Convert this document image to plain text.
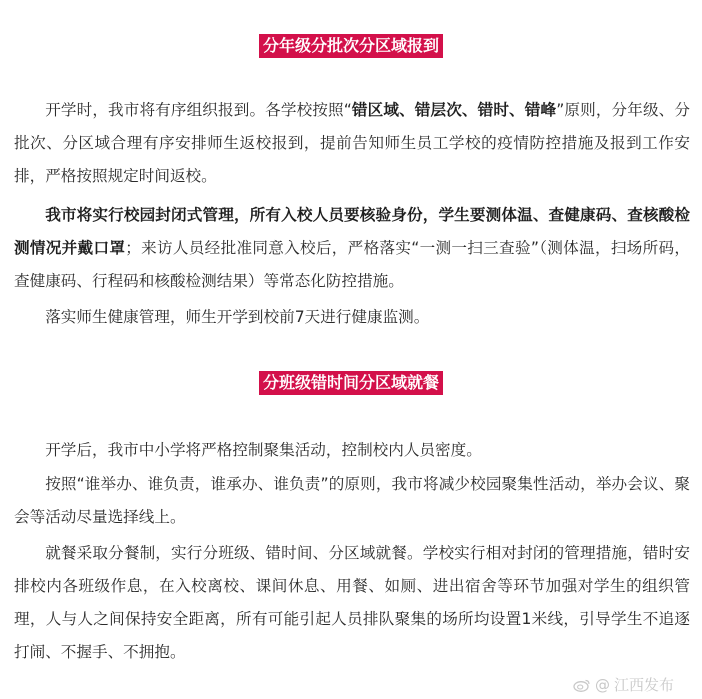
分年级分批次分区域报到

开学时，我市将有序组织报到。各学校按照“错区域、错层次、错时、错峰”原则，分年级、分批次、分区域合理有序安排师生返校报到，提前告知师生员工学校的疫情防控措施及报到工作安排，严格按照规定时间返校。

我市将实行校园封闭式管理，所有入校人员要核验身份，学生要测体温、查健康码、查核酸检测情况并戴口罩；来访人员经批准同意入校后，严格落实“一测一扫三查验”（测体温，扫场所码，查健康码、行程码和核酸检测结果）等常态化防控措施。

落实师生健康管理，师生开学到校前7天进行健康监测。

分班级错时间分区域就餐

开学后，我市中小学将严格控制聚集活动，控制校内人员密度。

按照“谁举办、谁负责，谁承办、谁负责”的原则，我市将减少校园聚集性活动，举办会议、聚会等活动尽量选择线上。

就餐采取分餐制，实行分班级、错时间、分区域就餐。学校实行相对封闭的管理措施，错时安排校内各班级作息，在入校离校、课间休息、用餐、如厕、进出宿舍等环节加强对学生的组织管理，人与人之间保持安全距离，所有可能引起人员排队聚集的场所均设置1米线，引导学生不追逐打闹、不握手、不拥抱。

@ 江西发布
